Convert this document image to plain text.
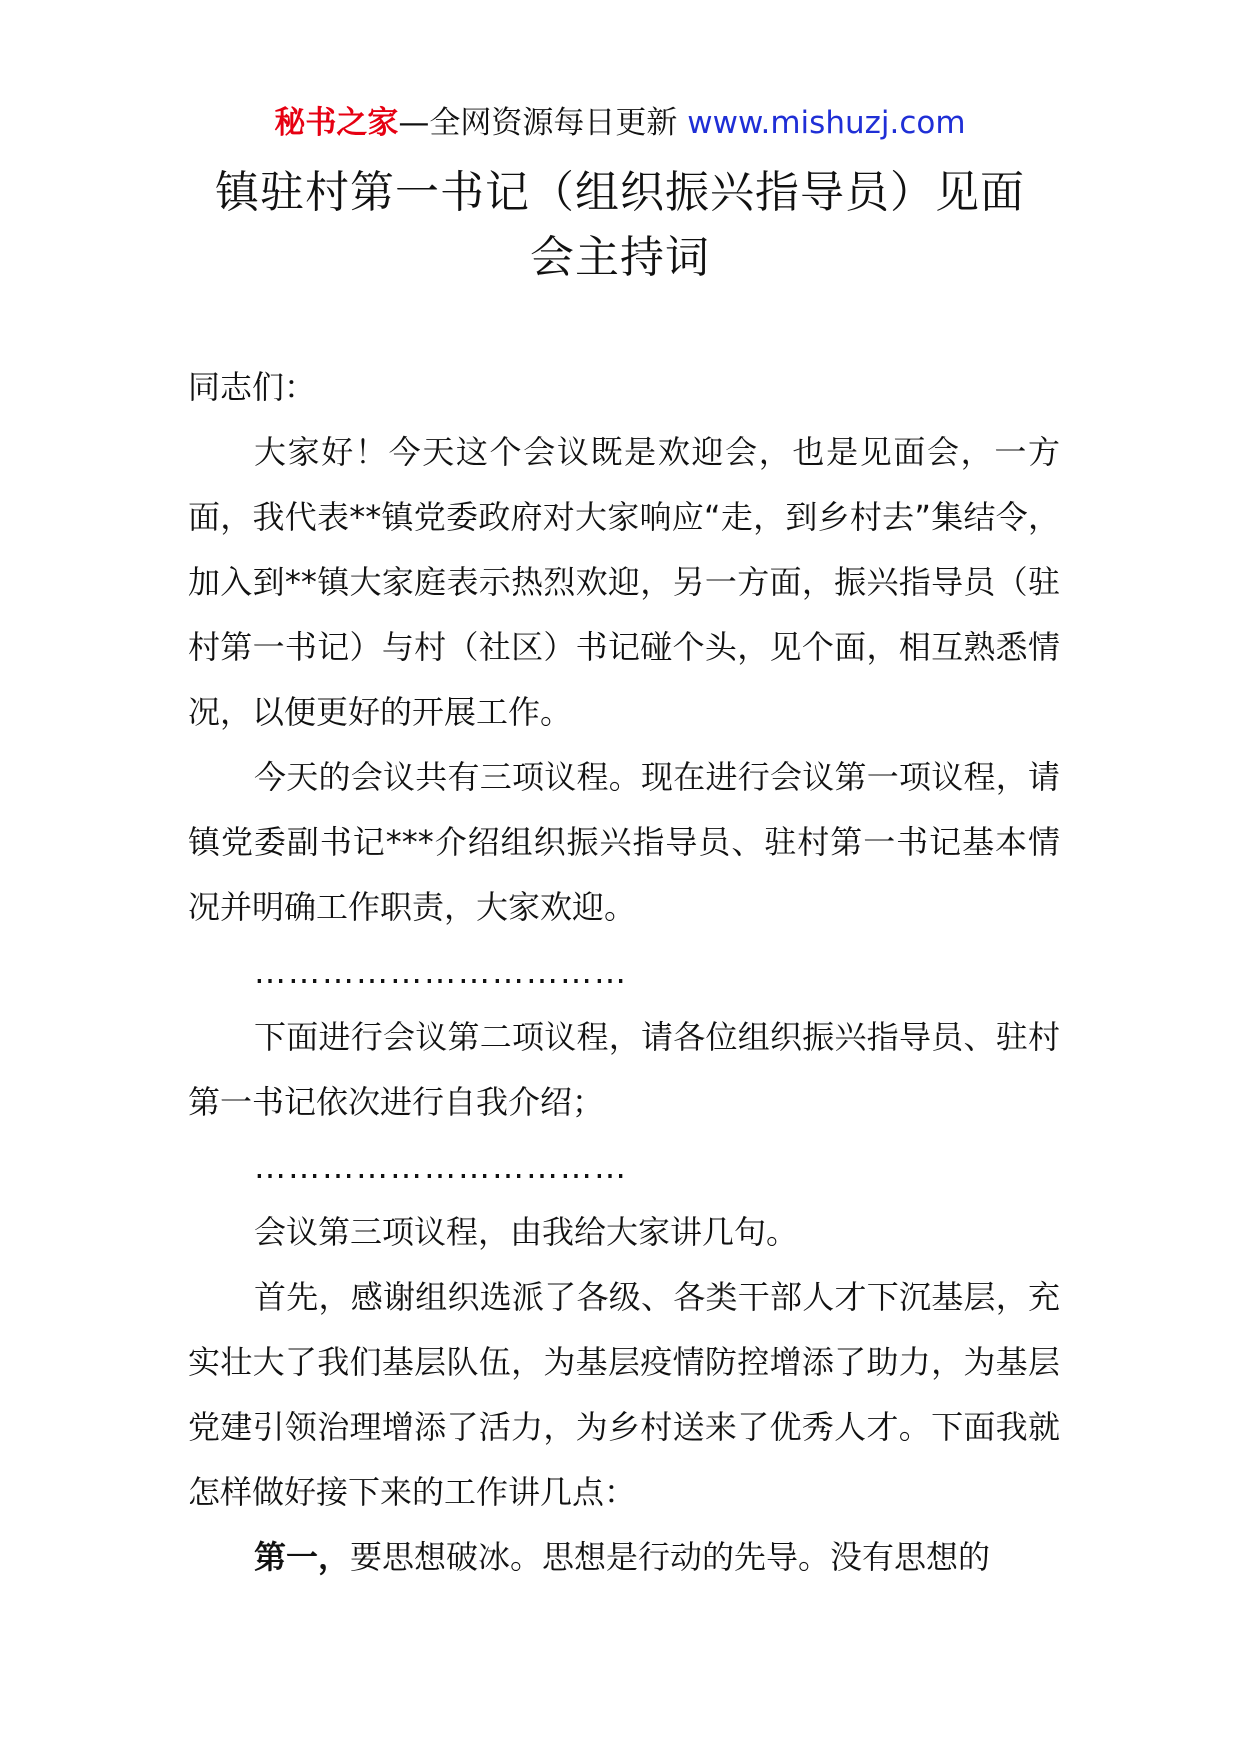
秘书之家—全网资源每日更新 www.mishuzj.com
镇驻村第一书记（组织振兴指导员）见面
会主持词

同志们：

大家好！今天这个会议既是欢迎会，也是见面会，一方面，我代表**镇党委政府对大家响应“走，到乡村去”集结令，加入到**镇大家庭表示热烈欢迎，另一方面，振兴指导员（驻村第一书记）与村（社区）书记碰个头，见个面，相互熟悉情况，以便更好的开展工作。

今天的会议共有三项议程。现在进行会议第一项议程，请镇党委副书记***介绍组织振兴指导员、驻村第一书记基本情况并明确工作职责，大家欢迎。

……………………………

下面进行会议第二项议程，请各位组织振兴指导员、驻村第一书记依次进行自我介绍；

……………………………

会议第三项议程，由我给大家讲几句。

首先，感谢组织选派了各级、各类干部人才下沉基层，充实壮大了我们基层队伍，为基层疫情防控增添了助力，为基层党建引领治理增添了活力，为乡村送来了优秀人才。下面我就怎样做好接下来的工作讲几点：

第一，要思想破冰。思想是行动的先导。没有思想的
